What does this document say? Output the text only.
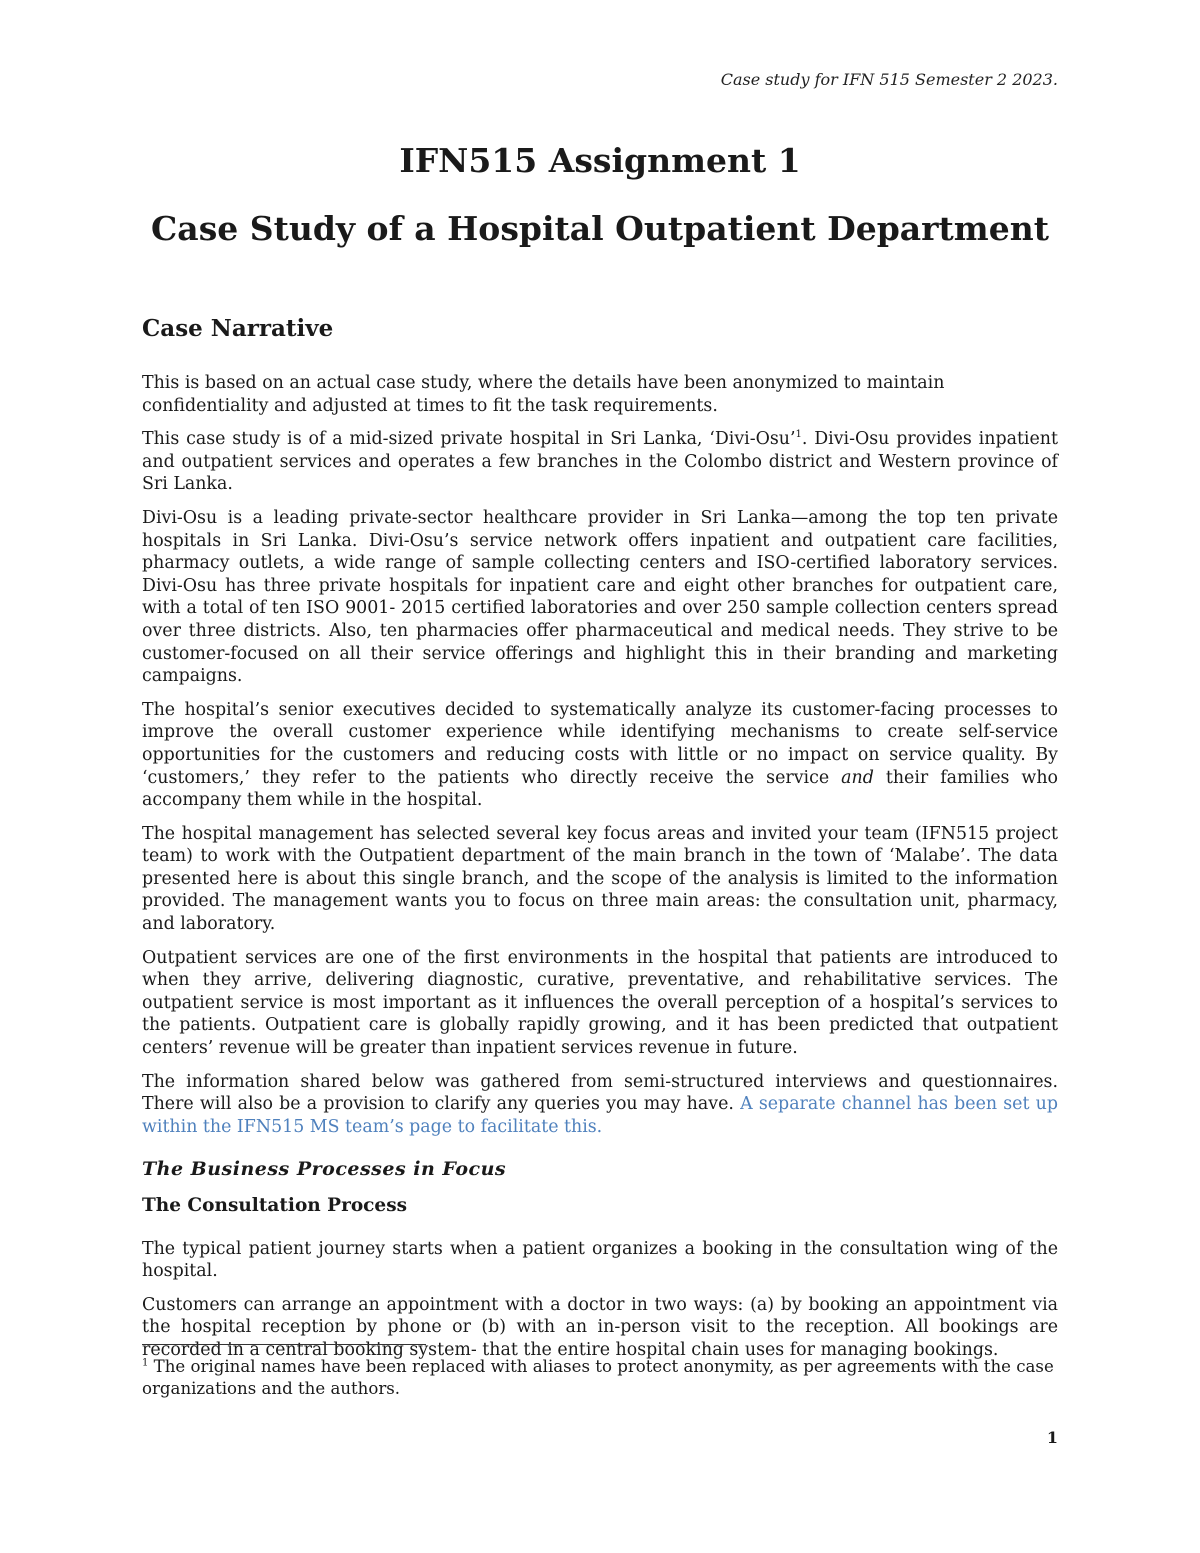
Case study for IFN 515 Semester 2 2023.
IFN515 Assignment 1
Case Study of a Hospital Outpatient Department
Case Narrative

This is based on an actual case study, where the details have been anonymized to maintain confidentiality and adjusted at times to fit the task requirements.

This case study is of a mid-sized private hospital in Sri Lanka, ‘Divi-Osu’$^1$. Divi-Osu provides inpatient and outpatient services and operates a few branches in the Colombo district and Western province of Sri Lanka.

Divi-Osu is a leading private-sector healthcare provider in Sri Lanka—among the top ten private hospitals in Sri Lanka. Divi-Osu’s service network offers inpatient and outpatient care facilities, pharmacy outlets, a wide range of sample collecting centers and ISO-certified laboratory services. Divi-Osu has three private hospitals for inpatient care and eight other branches for outpatient care, with a total of ten ISO 9001- 2015 certified laboratories and over 250 sample collection centers spread over three districts. Also, ten pharmacies offer pharmaceutical and medical needs. They strive to be customer-focused on all their service offerings and highlight this in their branding and marketing campaigns.

The hospital’s senior executives decided to systematically analyze its customer-facing processes to improve the overall customer experience while identifying mechanisms to create self-service opportunities for the customers and reducing costs with little or no impact on service quality. By ‘customers,’ they refer to the patients who directly receive the service and their families who accompany them while in the hospital.

The hospital management has selected several key focus areas and invited your team (IFN515 project team) to work with the Outpatient department of the main branch in the town of ‘Malabe’. The data presented here is about this single branch, and the scope of the analysis is limited to the information provided. The management wants you to focus on three main areas: the consultation unit, pharmacy, and laboratory.

Outpatient services are one of the first environments in the hospital that patients are introduced to when they arrive, delivering diagnostic, curative, preventative, and rehabilitative services. The outpatient service is most important as it influences the overall perception of a hospital’s services to the patients. Outpatient care is globally rapidly growing, and it has been predicted that outpatient centers’ revenue will be greater than inpatient services revenue in future.

The information shared below was gathered from semi-structured interviews and questionnaires. There will also be a provision to clarify any queries you may have. A separate channel has been set up within the IFN515 MS team’s page to facilitate this.

The Business Processes in Focus
The Consultation Process

The typical patient journey starts when a patient organizes a booking in the consultation wing of the hospital.

Customers can arrange an appointment with a doctor in two ways: (a) by booking an appointment via the hospital reception by phone or (b) with an in-person visit to the reception. All bookings are recorded in a central booking system- that the entire hospital chain uses for managing bookings.

$^1$ The original names have been replaced with aliases to protect anonymity, as per agreements with the case organizations and the authors.
1
